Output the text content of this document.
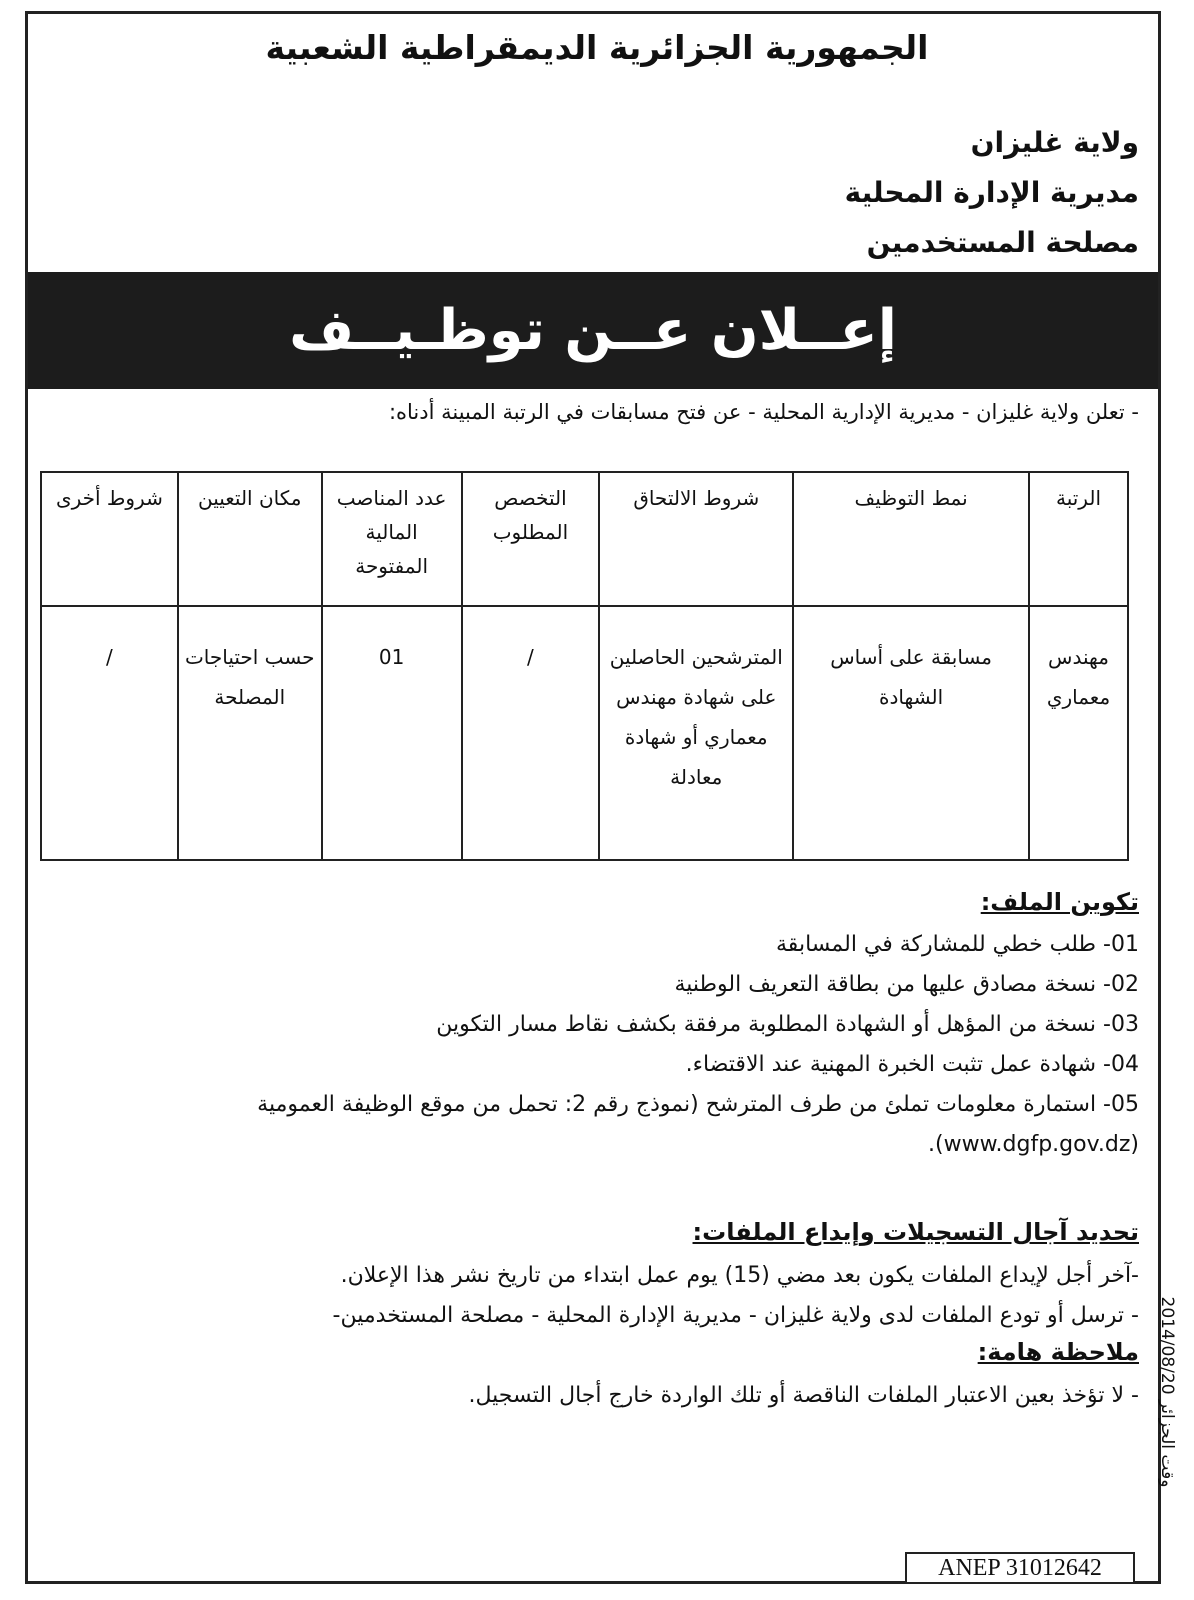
الجمهورية الجزائرية الديمقراطية الشعبية
ولاية غليزان
مديرية الإدارة المحلية
مصلحة المستخدمين
إعــلان عــن توظـيــف
- تعلن ولاية غليزان - مديرية الإدارية المحلية - عن فتح مسابقات في الرتبة المبينة أدناه:
الرتبة	نمط التوظيف	شروط الالتحاق	التخصص المطلوب	عدد المناصب المالية المفتوحة	مكان التعيين	شروط أخرى
مهندس معماري	مسابقة على أساس الشهادة	المترشحين الحاصلين على شهادة مهندس معماري أو شهادة معادلة	/	01	حسب احتياجات المصلحة	/
تكوين الملف:
01- طلب خطي للمشاركة في المسابقة
02- نسخة مصادق عليها من بطاقة التعريف الوطنية
03- نسخة من المؤهل أو الشهادة المطلوبة مرفقة بكشف نقاط مسار التكوين
04- شهادة عمل تثبت الخبرة المهنية عند الاقتضاء.
05- استمارة معلومات تملئ من طرف المترشح (نموذج رقم 2: تحمل من موقع الوظيفة العمومية
(www.dgfp.gov.dz).
تحديد آجال التسجيلات وإيداع الملفات:
-آخر أجل لإيداع الملفات يكون بعد مضي (15) يوم عمل ابتداء من تاريخ نشر هذا الإعلان.
- ترسل أو تودع الملفات لدى ولاية غليزان - مديرية الإدارة المحلية - مصلحة المستخدمين-
ملاحظة هامة:
- لا تؤخذ بعين الاعتبار الملفات الناقصة أو تلك الواردة خارج أجال التسجيل.
وقت الجزائر 2014/08/20
ANEP 31012642
